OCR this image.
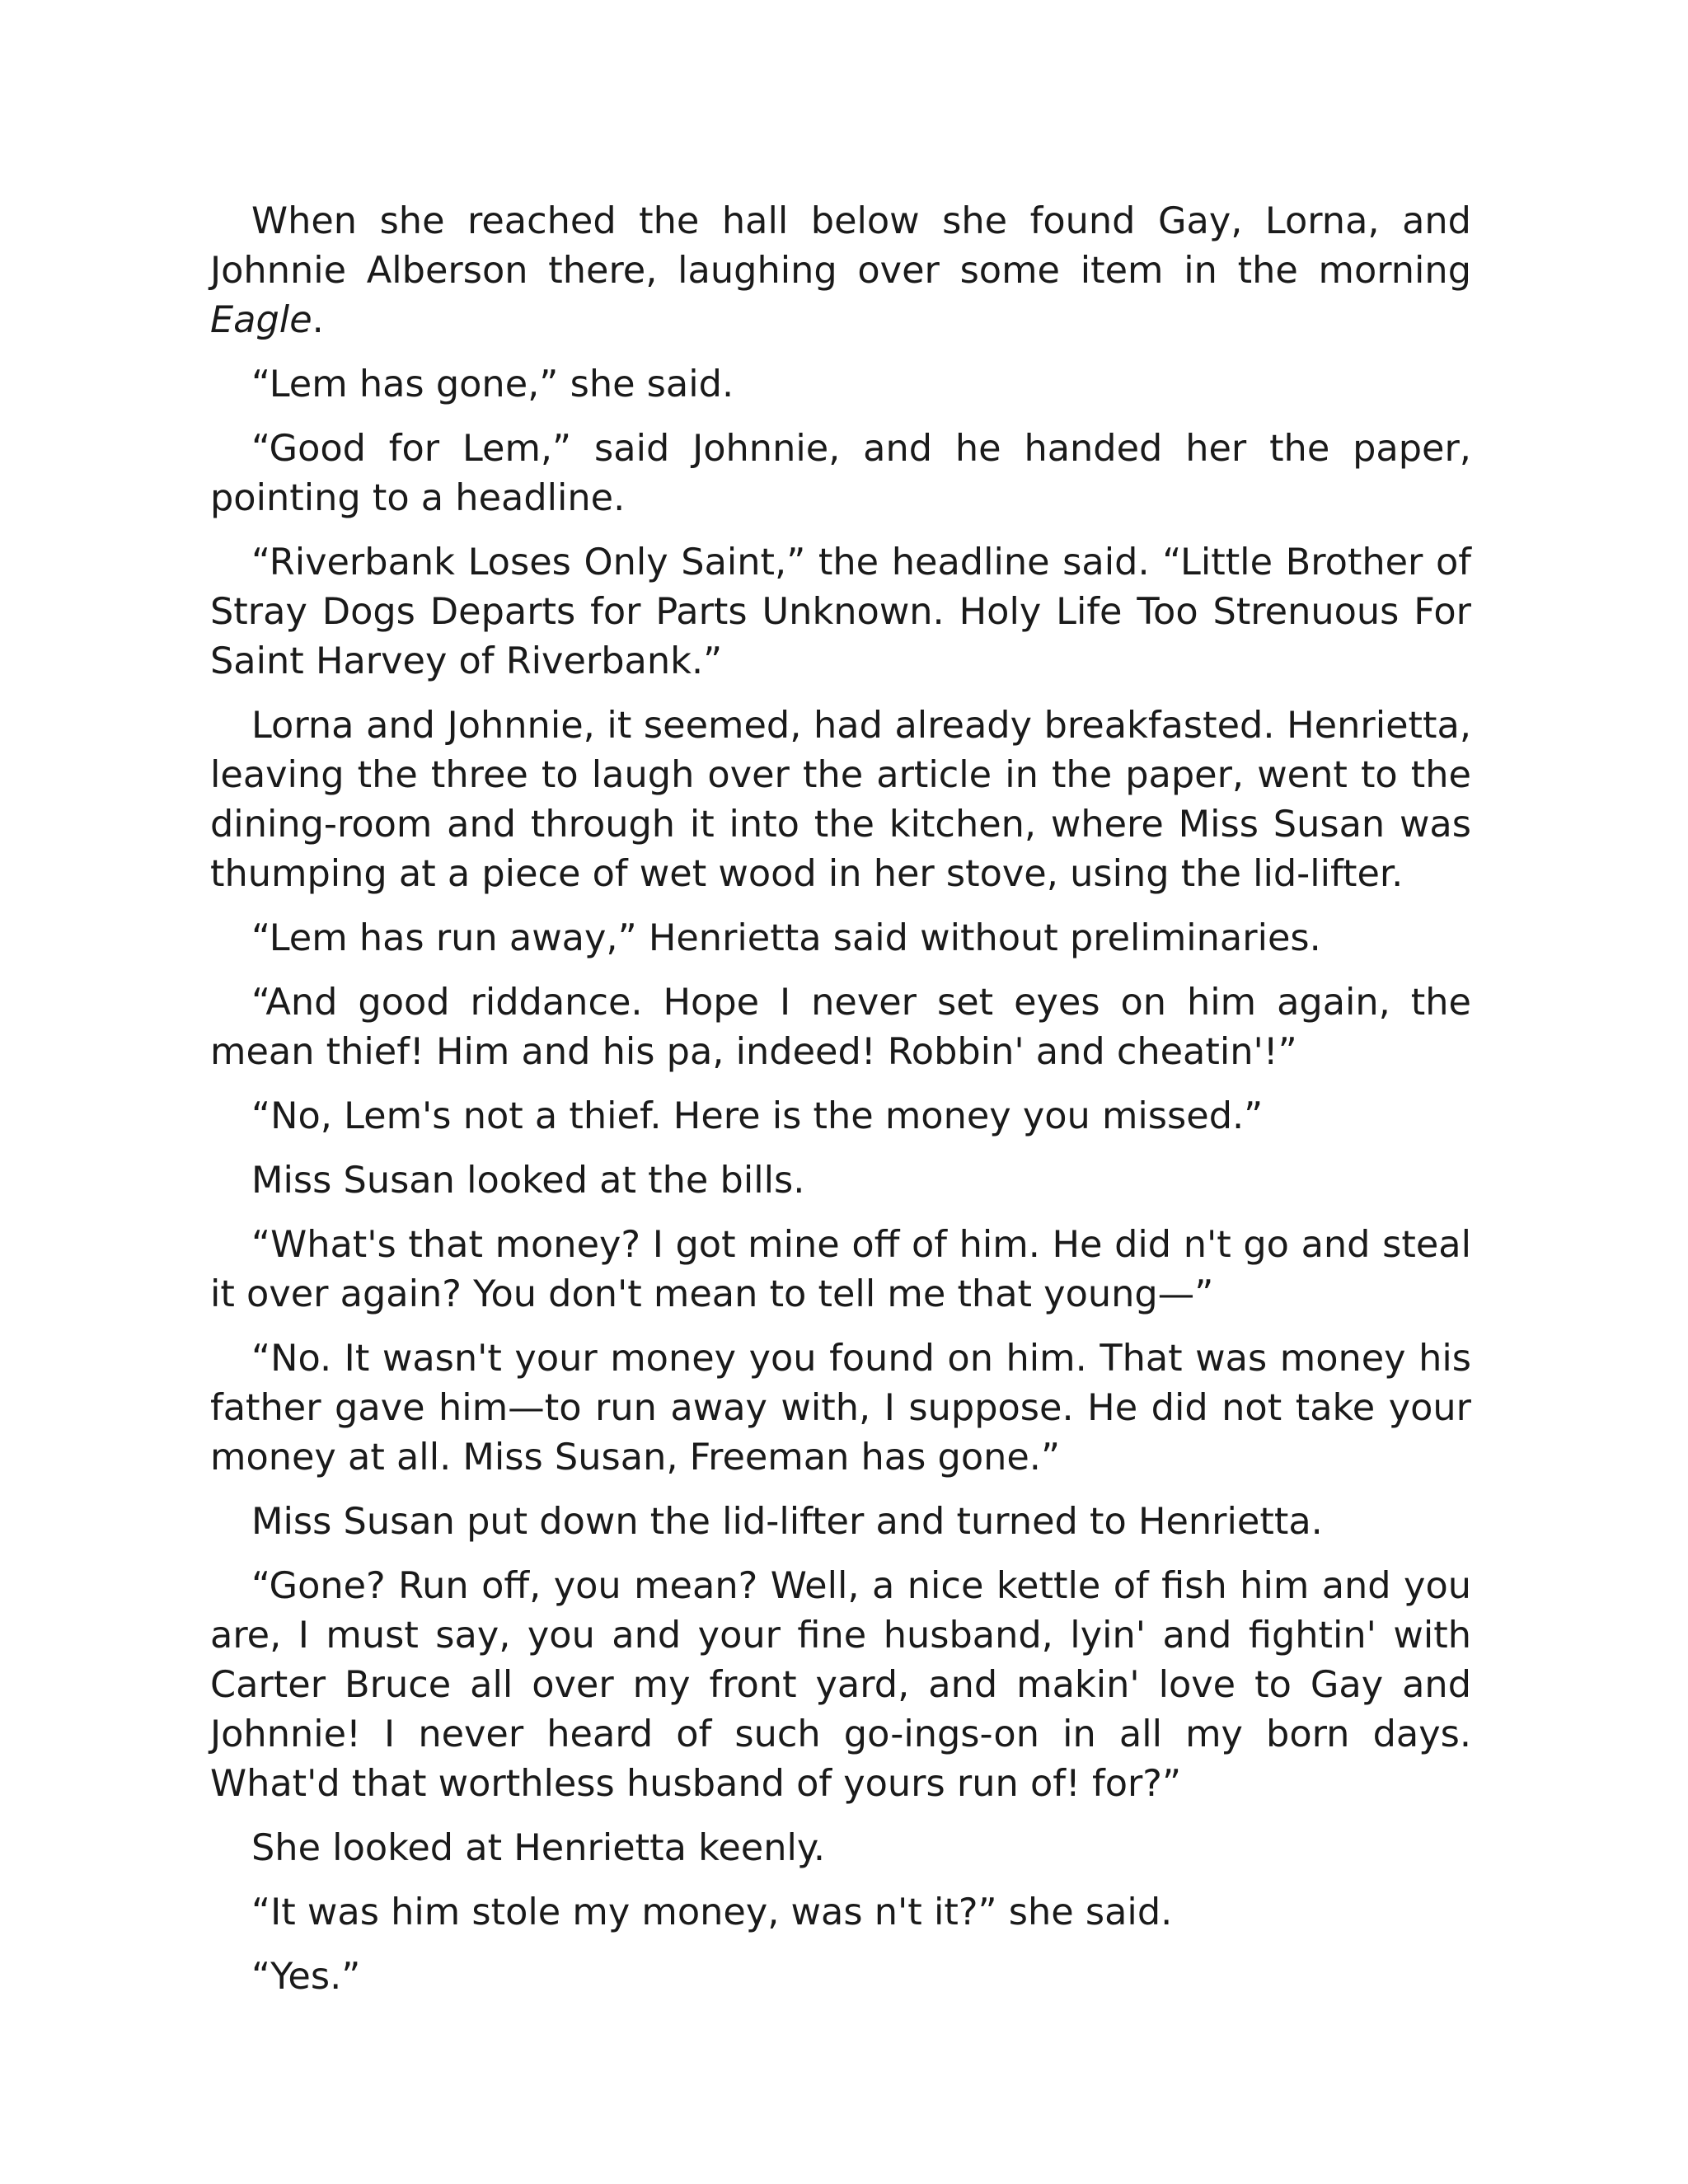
When she reached the hall below she found Gay, Lorna, and Johnnie Alberson there, laughing over some item in the morning Eagle.

“Lem has gone,” she said.

“Good for Lem,” said Johnnie, and he handed her the paper, pointing to a headline.

“Riverbank Loses Only Saint,” the headline said. “Little Brother of Stray Dogs Departs for Parts Unknown. Holy Life Too Strenuous For Saint Harvey of Riverbank.”

Lorna and Johnnie, it seemed, had already breakfasted. Henrietta, leaving the three to laugh over the article in the paper, went to the dining-room and through it into the kitchen, where Miss Susan was thumping at a piece of wet wood in her stove, using the lid-lifter.

“Lem has run away,” Henrietta said without preliminaries.

“And good riddance. Hope I never set eyes on him again, the mean thief! Him and his pa, indeed! Robbin' and cheatin'!”

“No, Lem's not a thief. Here is the money you missed.”

Miss Susan looked at the bills.

“What's that money? I got mine off of him. He did n't go and steal it over again? You don't mean to tell me that young—”

“No. It wasn't your money you found on him. That was money his father gave him—to run away with, I suppose. He did not take your money at all. Miss Susan, Freeman has gone.”

Miss Susan put down the lid-lifter and turned to Henrietta.

“Gone? Run off, you mean? Well, a nice kettle of fish him and you are, I must say, you and your fine husband, lyin' and fightin' with Carter Bruce all over my front yard, and makin' love to Gay and Johnnie! I never heard of such go-ings-on in all my born days. What'd that worthless husband of yours run of! for?”

She looked at Henrietta keenly.

“It was him stole my money, was n't it?” she said.

“Yes.”
